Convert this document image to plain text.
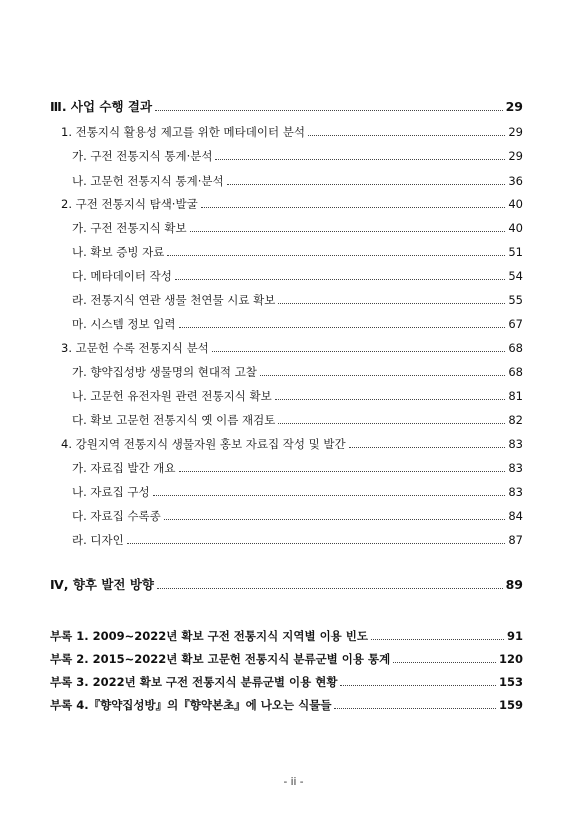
Ⅲ. 사업 수행 결과	29
1. 전통지식 활용성 제고를 위한 메타데이터 분석	29
가. 구전 전통지식 통계·분석	29
나. 고문헌 전통지식 통계·분석	36
2. 구전 전통지식 탐색·발굴	40
가. 구전 전통지식 확보	40
나. 확보 증빙 자료	51
다. 메타데이터 작성	54
라. 전통지식 연관 생물 천연물 시료 확보	55
마. 시스템 정보 입력	67
3. 고문헌 수록 전통지식 분석	68
가. 향약집성방 생물명의 현대적 고찰	68
나. 고문헌 유전자원 관련 전통지식 확보	81
다. 확보 고문헌 전통지식 옛 이름 재검토	82
4. 강원지역 전통지식 생물자원 홍보 자료집 작성 및 발간	83
가. 자료집 발간 개요	83
나. 자료집 구성	83
다. 자료집 수록종	84
라. 디자인	87
Ⅳ, 향후 발전 방향	89
부록 1. 2009~2022년 확보 구전 전통지식 지역별 이용 빈도	91
부록 2. 2015~2022년 확보 고문헌 전통지식 분류군별 이용 통계	120
부록 3. 2022년 확보 구전 전통지식 분류군별 이용 현황	153
부록 4.『향약집성방』의『향약본초』에 나오는 식물들	159
- ii -
